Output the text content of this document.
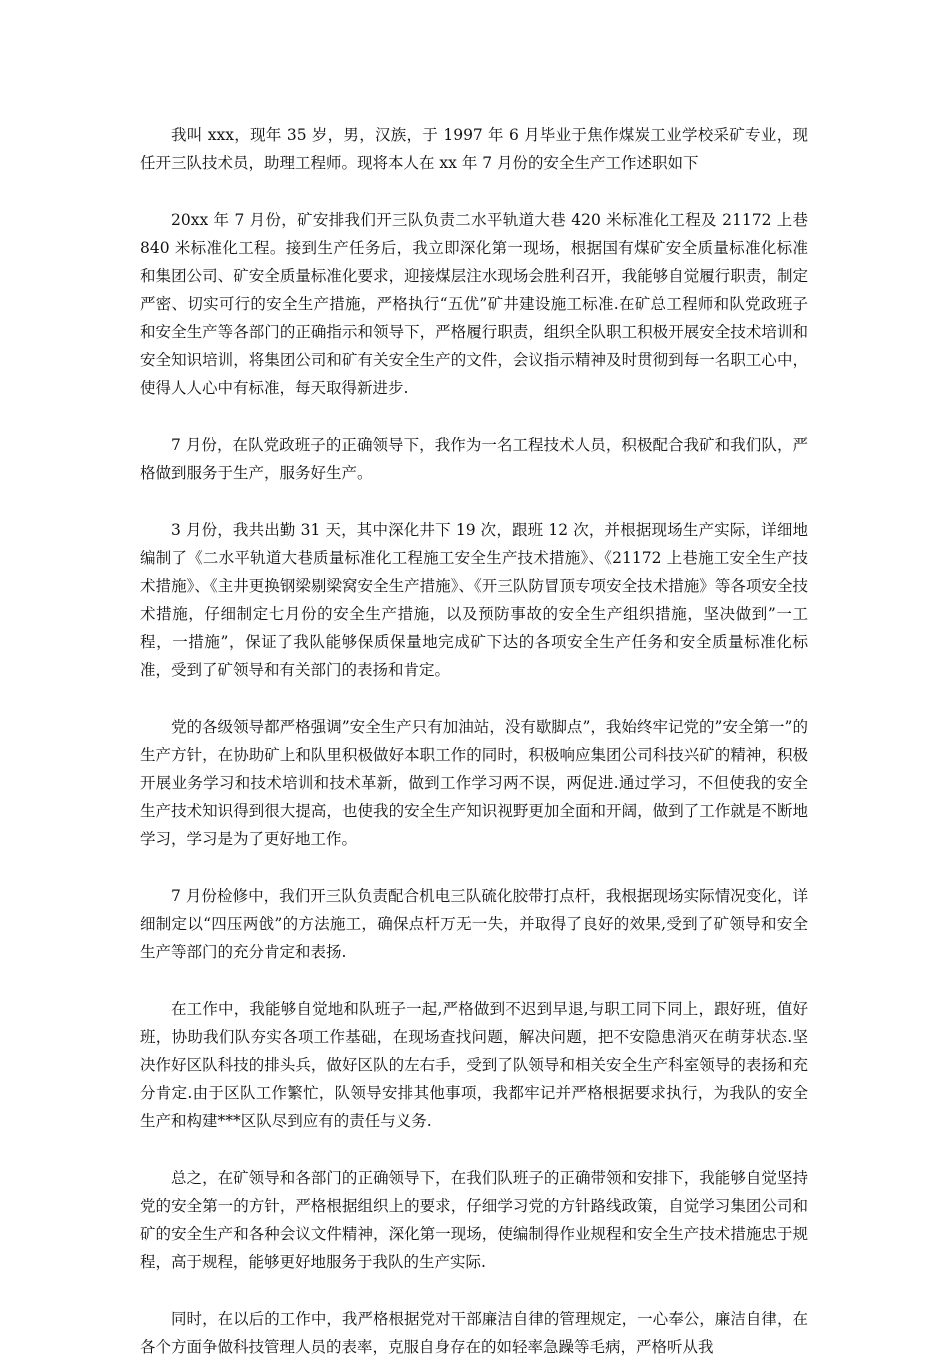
我叫 xxx，现年 35 岁，男，汉族，于 1997 年 6 月毕业于焦作煤炭工业学校采矿专业，现任开三队技术员，助理工程师。现将本人在 xx 年 7 月份的安全生产工作述职如下

20xx 年 7 月份，矿安排我们开三队负责二水平轨道大巷 420 米标准化工程及 21172 上巷 840 米标准化工程。接到生产任务后，我立即深化第一现场，根据国有煤矿安全质量标准化标准和集团公司、矿安全质量标准化要求，迎接煤层注水现场会胜利召开，我能够自觉履行职责，制定严密、切实可行的安全生产措施，严格执行“五优”矿井建设施工标准.在矿总工程师和队党政班子和安全生产等各部门的正确指示和领导下，严格履行职责，组织全队职工积极开展安全技术培训和安全知识培训，将集团公司和矿有关安全生产的文件，会议指示精神及时贯彻到每一名职工心中，使得人人心中有标准，每天取得新进步.

7 月份，在队党政班子的正确领导下，我作为一名工程技术人员，积极配合我矿和我们队，严格做到服务于生产，服务好生产。

3 月份，我共出勤 31 天，其中深化井下 19 次，跟班 12 次，并根据现场生产实际，详细地编制了《二水平轨道大巷质量标准化工程施工安全生产技术措施》、《21172 上巷施工安全生产技术措施》、《主井更换钢梁剔梁窝安全生产措施》、《开三队防冒顶专项安全技术措施》等各项安全技术措施，仔细制定七月份的安全生产措施，以及预防事故的安全生产组织措施，坚决做到”一工程，一措施”，保证了我队能够保质保量地完成矿下达的各项安全生产任务和安全质量标准化标准，受到了矿领导和有关部门的表扬和肯定。

党的各级领导都严格强调”安全生产只有加油站，没有歇脚点”，我始终牢记党的”安全第一”的生产方针，在协助矿上和队里积极做好本职工作的同时，积极响应集团公司科技兴矿的精神，积极开展业务学习和技术培训和技术革新，做到工作学习两不误，两促进.通过学习，不但使我的安全生产技术知识得到很大提高，也使我的安全生产知识视野更加全面和开阔，做到了工作就是不断地学习，学习是为了更好地工作。

7 月份检修中，我们开三队负责配合机电三队硫化胶带打点杆，我根据现场实际情况变化，详细制定以“四压两戗”的方法施工，确保点杆万无一失，并取得了良好的效果,受到了矿领导和安全生产等部门的充分肯定和表扬.

在工作中，我能够自觉地和队班子一起,严格做到不迟到早退,与职工同下同上，跟好班，值好班，协助我们队夯实各项工作基础，在现场查找问题，解决问题，把不安隐患消灭在萌芽状态.坚决作好区队科技的排头兵，做好区队的左右手，受到了队领导和相关安全生产科室领导的表扬和充分肯定.由于区队工作繁忙，队领导安排其他事项，我都牢记并严格根据要求执行，为我队的安全生产和构建***区队尽到应有的责任与义务.

总之，在矿领导和各部门的正确领导下，在我们队班子的正确带领和安排下，我能够自觉坚持党的安全第一的方针，严格根据组织上的要求，仔细学习党的方针路线政策，自觉学习集团公司和矿的安全生产和各种会议文件精神，深化第一现场，使编制得作业规程和安全生产技术措施忠于规程，高于规程，能够更好地服务于我队的生产实际.

同时，在以后的工作中，我严格根据党对干部廉洁自律的管理规定，一心奉公，廉洁自律，在各个方面争做科技管理人员的表率，克服自身存在的如轻率急躁等毛病，严格听从我
